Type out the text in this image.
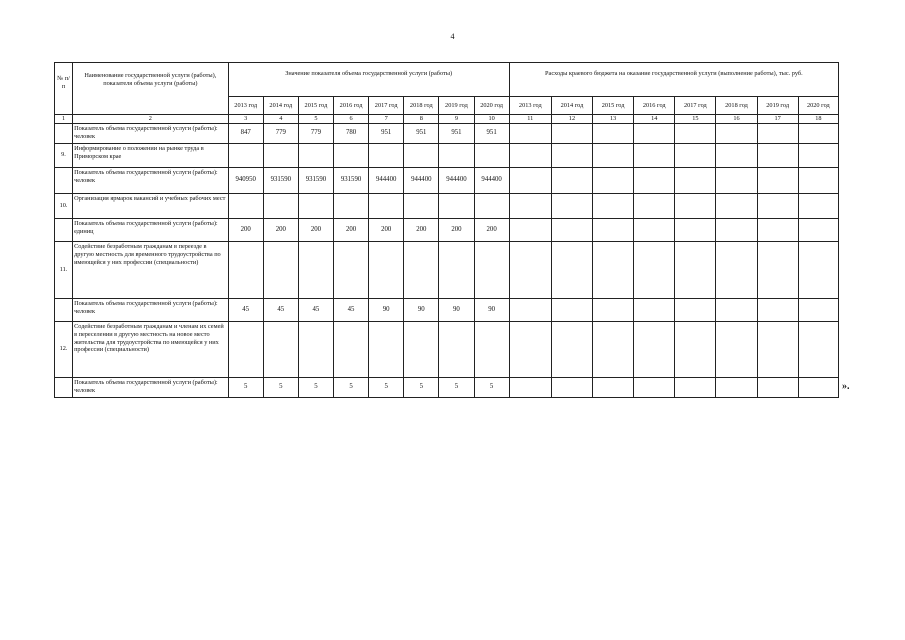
4
№ п/п	Наименование государственной услуги (работы), показателя объема услуги (работы)	Значение показателя объема государственной услуги (работы)								Расходы краевого бюджета на оказание государственной услуги (выполнение работы), тыс. руб.							
		2013 год	2014 год	2015 год	2016 год	2017 год	2018 год	2019 год	2020 год	2013 год	2014 год	2015 год	2016 год	2017 год	2018 год	2019 год	2020 год
1	2	3	4	5	6	7	8	9	10	11	12	13	14	15	16	17	18
	Показатель объема государственной услуги (работы): человек	847	779	779	780	951	951	951	951								
9.	Информирование о положении на рынке труда в Приморском крае																
	Показатель объема государственной услуги (работы): человек	940950	931590	931590	931590	944400	944400	944400	944400								
10.	Организация ярмарок вакансий и учебных рабочих мест																
	Показатель объема государственной услуги (работы): единиц	200	200	200	200	200	200	200	200								
11.	Содействие безработным гражданам в переезде в другую местность для временного трудоустройства по имеющейся у них профессии (специальности)																
	Показатель объема государственной услуги (работы): человек	45	45	45	45	90	90	90	90								
12.	Содействие безработным гражданам и членам их семей в переселении в другую местность на новое место жительства для трудоустройства по имеющейся у них профессии (специальности)																
	Показатель объема государственной услуги (работы): человек	5	5	5	5	5	5	5	5									».
